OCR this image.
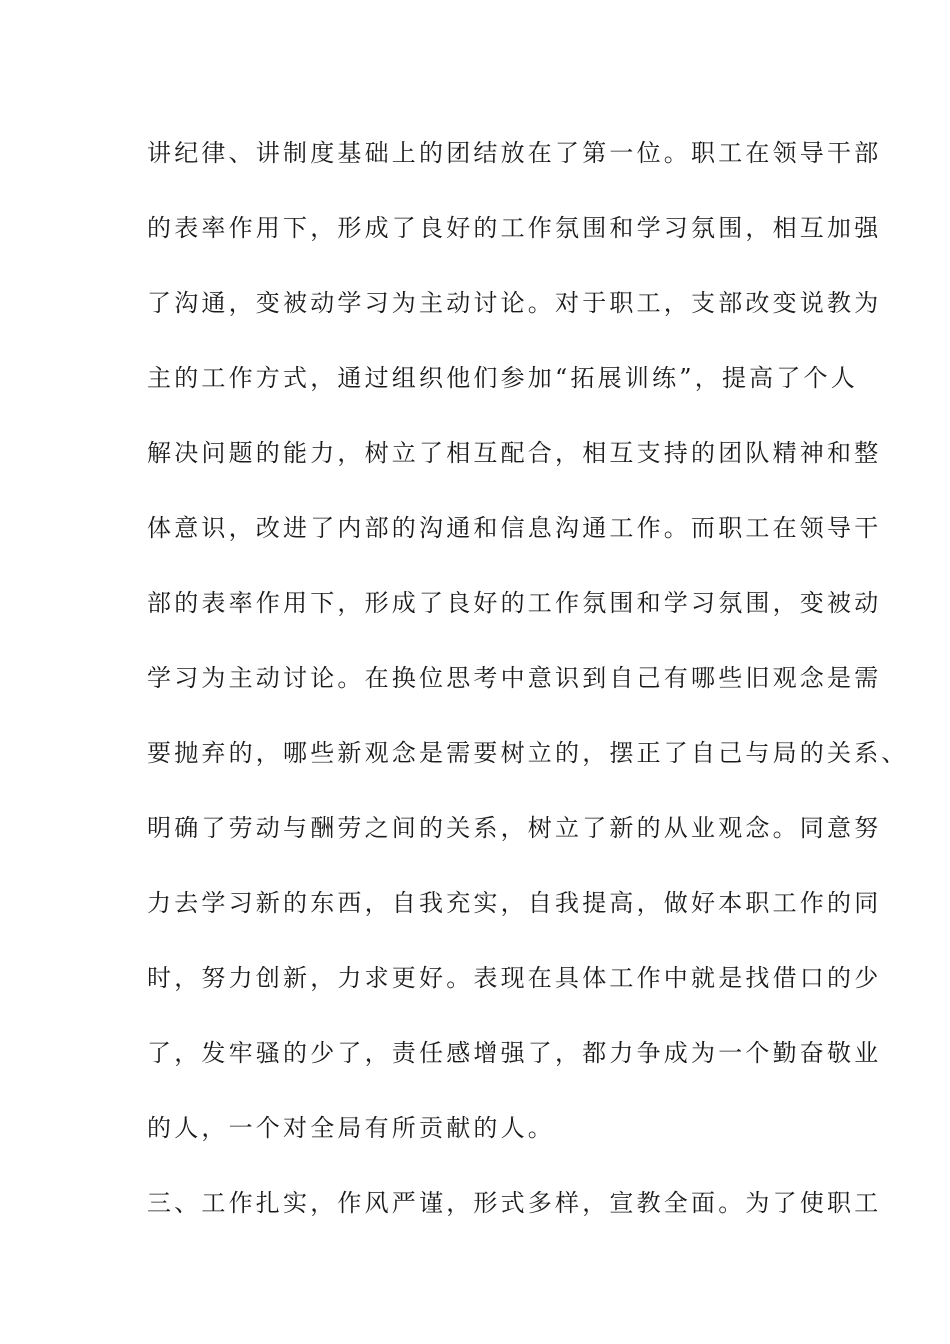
讲纪律、讲制度基础上的团结放在了第一位。职工在领导干部
的表率作用下，形成了良好的工作氛围和学习氛围，相互加强
了沟通，变被动学习为主动讨论。对于职工，支部改变说教为
主的工作方式，通过组织他们参加“拓展训练”，提高了个人
解决问题的能力，树立了相互配合，相互支持的团队精神和整
体意识，改进了内部的沟通和信息沟通工作。而职工在领导干
部的表率作用下，形成了良好的工作氛围和学习氛围，变被动
学习为主动讨论。在换位思考中意识到自己有哪些旧观念是需
要抛弃的，哪些新观念是需要树立的，摆正了自己与局的关系、
明确了劳动与酬劳之间的关系，树立了新的从业观念。同意努
力去学习新的东西，自我充实，自我提高，做好本职工作的同
时，努力创新，力求更好。表现在具体工作中就是找借口的少
了，发牢骚的少了，责任感增强了，都力争成为一个勤奋敬业
的人，一个对全局有所贡献的人。
三、工作扎实，作风严谨，形式多样，宣教全面。为了使职工
